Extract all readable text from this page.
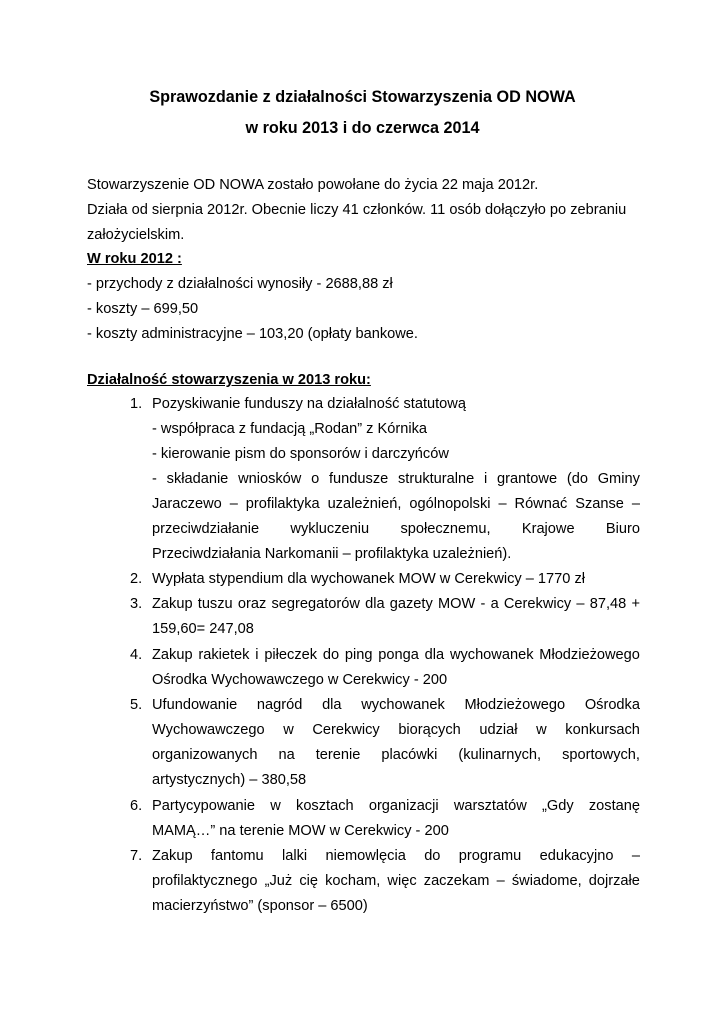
Sprawozdanie z działalności Stowarzyszenia OD NOWA
w roku 2013 i do czerwca 2014
Stowarzyszenie OD NOWA zostało powołane do życia 22 maja 2012r.
Działa od sierpnia 2012r. Obecnie liczy 41 członków. 11 osób dołączyło po zebraniu
założycielskim.
W roku 2012 :
- przychody z działalności wynosiły - 2688,88 zł
- koszty – 699,50
- koszty administracyjne – 103,20 (opłaty bankowe.
Działalność stowarzyszenia w 2013 roku:
1. Pozyskiwanie funduszy na działalność statutową
- współpraca z fundacją „Rodan” z Kórnika
- kierowanie pism do sponsorów i darczyńców
- składanie wniosków o fundusze strukturalne i grantowe (do Gminy
Jaraczewo – profilaktyka uzależnień, ogólnopolski – Równać Szanse –
przeciwdziałanie wykluczeniu społecznemu, Krajowe Biuro
Przeciwdziałania Narkomanii – profilaktyka uzależnień).
2. Wypłata stypendium dla wychowanek MOW w Cerekwicy – 1770 zł
3. Zakup tuszu oraz segregatorów dla gazety MOW - a Cerekwicy – 87,48 +
159,60= 247,08
4. Zakup rakietek i piłeczek do ping ponga dla wychowanek Młodzieżowego
Ośrodka Wychowawczego w Cerekwicy - 200
5. Ufundowanie nagród dla wychowanek Młodzieżowego Ośrodka
Wychowawczego w Cerekwicy biorących udział w konkursach
organizowanych na terenie placówki (kulinarnych, sportowych,
artystycznych) – 380,58
6. Partycypowanie w kosztach organizacji warsztatów „Gdy zostanę
MAMĄ…” na terenie MOW w Cerekwicy - 200
7. Zakup fantomu lalki niemowlęcia do programu edukacyjno –
profilaktycznego „Już cię kocham, więc zaczekam – świadome, dojrzałe
macierzyństwo” (sponsor – 6500)
